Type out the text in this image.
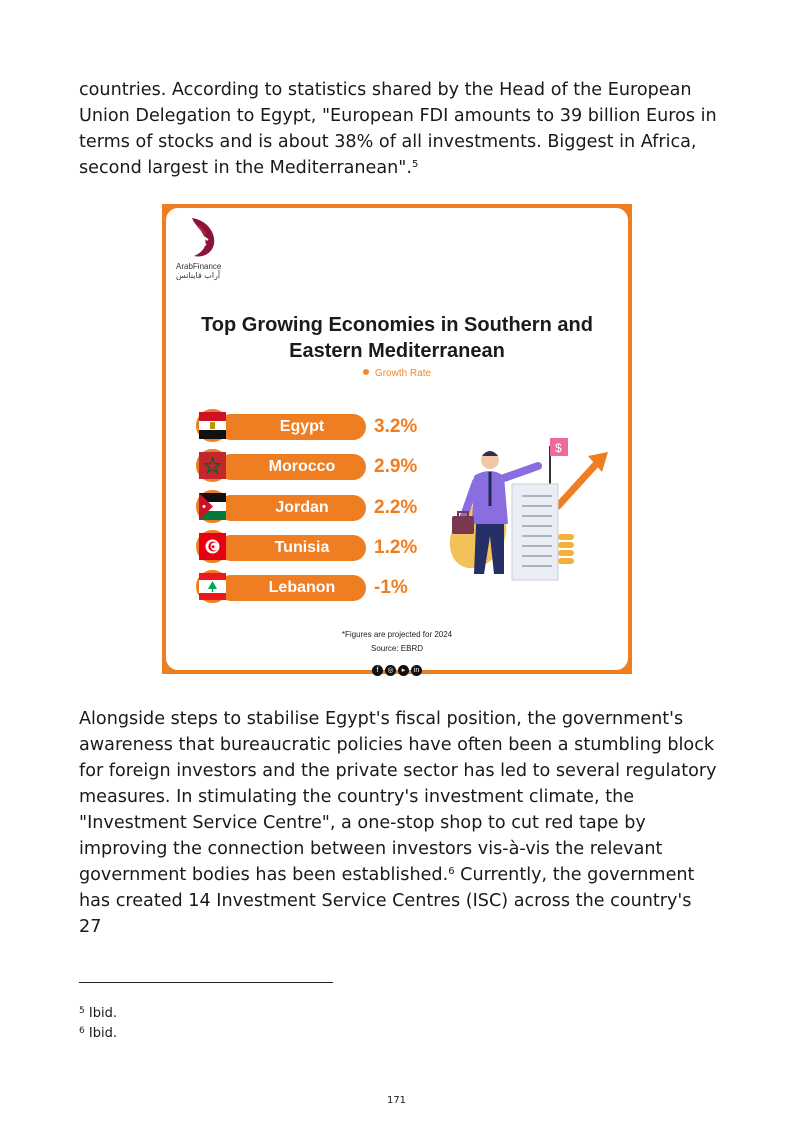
countries. According to statistics shared by the Head of the European Union Delegation to Egypt, "European FDI amounts to 39 billion Euros in terms of stocks and is about 38% of all investments. Biggest in Africa, second largest in the Mediterranean".$^5$

ArabFinance
أراب فاينانس
Top Growing Economies in Southern and Eastern Mediterranean
Growth Rate
Egypt	3.2%
Morocco	2.9%
Jordan	2.2%
Tunisia	1.2%
Lebanon	-1%
$
*Figures are projected for 2024
Source: EBRD
f ◎ ▸ in

Alongside steps to stabilise Egypt's fiscal position, the government's awareness that bureaucratic policies have often been a stumbling block for foreign investors and the private sector has led to several regulatory measures. In stimulating the country's investment climate, the "Investment Service Centre", a one-stop shop to cut red tape by improving the connection between investors vis-à-vis the relevant government bodies has been established.$^6$ Currently, the government has created 14 Investment Service Centres (ISC) across the country's 27

$^5$ Ibid.
$^6$ Ibid.
171
